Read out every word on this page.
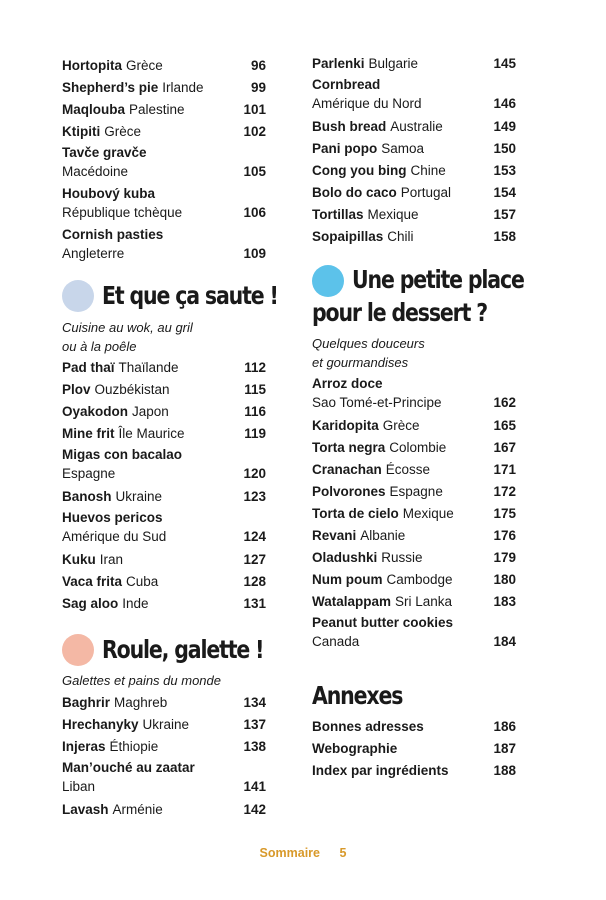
Hortopita Grèce	96
Shepherd’s pie Irlande	99
Maqlouba Palestine	101
Ktipiti Grèce	102
Tavče gravče
Macédoine	105
Houbový kuba
République tchèque	106
Cornish pasties
Angleterre	109
Et que ça saute !
Cuisine au wok, au gril
ou à la poêle
Pad thaï Thaïlande	112
Plov Ouzbékistan	115
Oyakodon Japon	116
Mine frit Île Maurice	119
Migas con bacalao
Espagne	120
Banosh Ukraine	123
Huevos pericos
Amérique du Sud	124
Kuku Iran	127
Vaca frita Cuba	128
Sag aloo Inde	131
Roule, galette !
Galettes et pains du monde
Baghrir Maghreb	134
Hrechanyky Ukraine	137
Injeras Éthiopie	138
Man’ouché au zaatar
Liban	141
Lavash Arménie	142
Parlenki Bulgarie	145
Cornbread
Amérique du Nord	146
Bush bread Australie	149
Pani popo Samoa	150
Cong you bing Chine	153
Bolo do caco Portugal	154
Tortillas Mexique	157
Sopaipillas Chili	158
Une petite place
pour le dessert ?
Quelques douceurs
et gourmandises
Arroz doce
Sao Tomé-et-Principe	162
Karidopita Grèce	165
Torta negra Colombie	167
Cranachan Écosse	171
Polvorones Espagne	172
Torta de cielo Mexique	175
Revani Albanie	176
Oladushki Russie	179
Num poum Cambodge	180
Watalappam Sri Lanka	183
Peanut butter cookies
Canada	184
Annexes
Bonnes adresses	186
Webographie	187
Index par ingrédients	188
Sommaire 5
